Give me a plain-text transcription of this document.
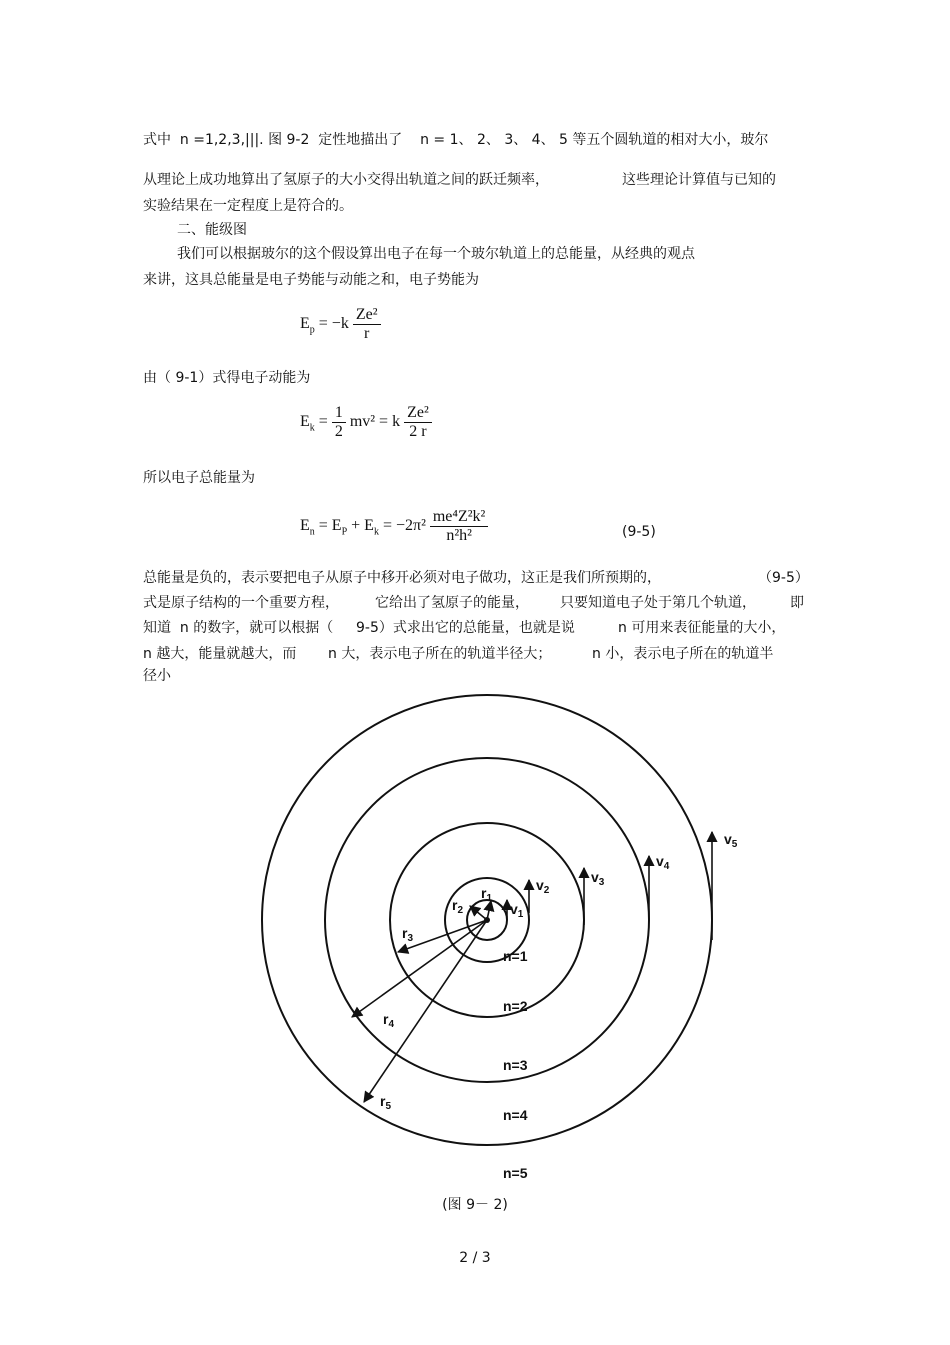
式中  n =1,2,3,|||. 图 9-2  定性地描出了    n = 1、 2、 3、 4、 5 等五个圆轨道的相对大小，玻尔
从理论上成功地算出了氢原子的大小交得出轨道之间的跃迁频率，	这些理论计算值与已知的
实验结果在一定程度上是符合的。
二、能级图
我们可以根据玻尔的这个假设算出电子在每一个玻尔轨道上的总能量，从经典的观点
来讲，这具总能量是电子势能与动能之和，电子势能为
$E_p = -k \frac{\text{Ze²}}{r}$
由（ 9-1）式得电子动能为
$E_k = \frac{1}{2} mv^2 = k \frac{\text{Ze²}}{2 r}$
所以电子总能量为
$E_n = E_P + E_k = -2\pi^2 \frac{\text{me⁴Z²k²}}{\text{n²h²}}$	(9-5)
总能量是负的，表示要把电子从原子中移开必须对电子做功，这正是我们所预期的，	（9-5）
式是原子结构的一个重要方程，	它给出了氢原子的能量， 只要知道电子处于第几个轨道， 即
知道  n 的数字，就可以根据（ 9-5）式求出它的总能量，也就是说	n 可用来表征能量的大小，
n 越大，能量就越大，而 n 大，表示电子所在的轨道半径大；	n 小，表示电子所在的轨道半
径小
$r_1$
$r_2$
$r_3$
$r_4$
$r_5$
$v_1$
$v_2$
$v_3$
$v_4$
$v_5$
n=1
n=2
n=3
n=4
n=5
(图 9－ 2)
2 / 3
